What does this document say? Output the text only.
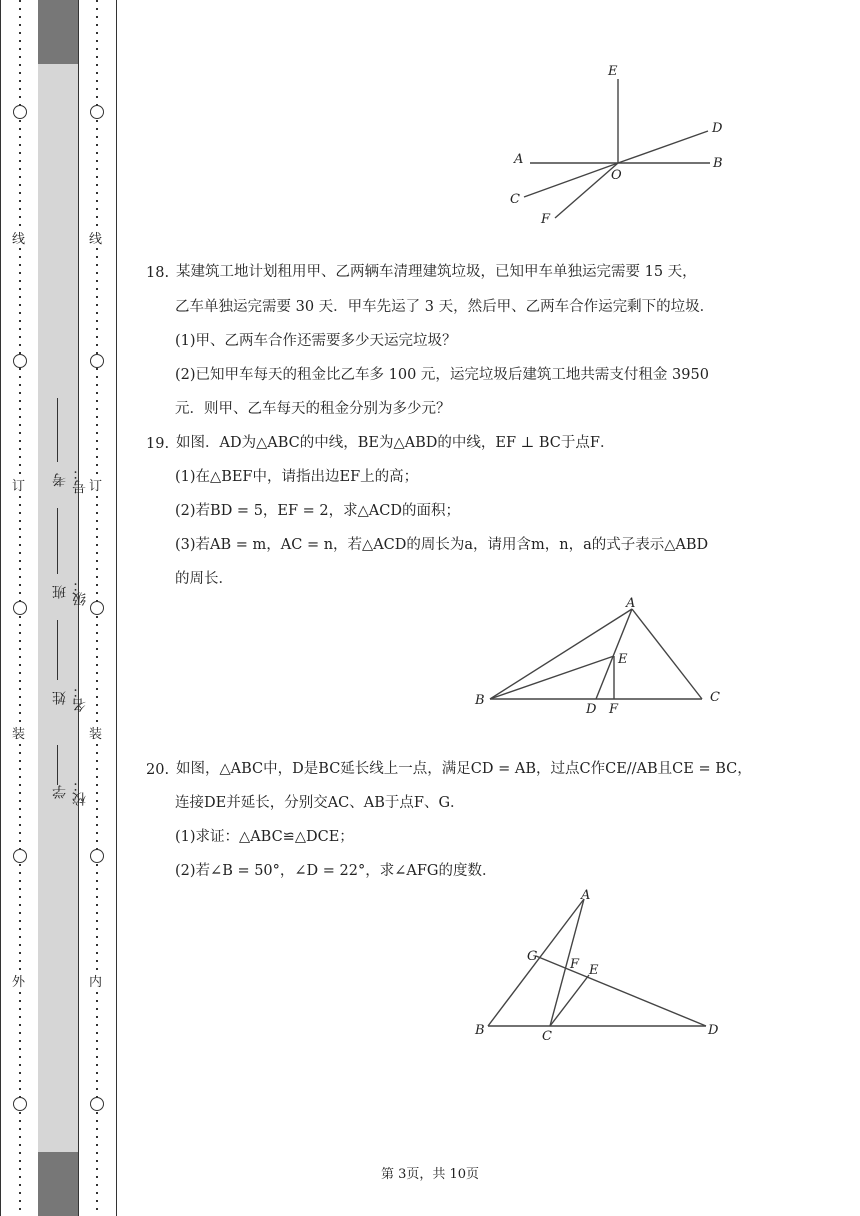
线
订
装
外
学校：
姓名：
班级：
考号：
线
订
装
内
E
D
A	B
O
C
F
18. 某建筑工地计划租用甲、乙两辆车清理建筑垃圾，已知甲车单独运完需要 15 天，
乙车单独运完需要 30 天．甲车先运了 3 天，然后甲、乙两车合作运完剩下的垃圾．
(1)甲、乙两车合作还需要多少天运完垃圾？
(2)已知甲车每天的租金比乙车多 100 元，运完垃圾后建筑工地共需支付租金 3950
元．则甲、乙车每天的租金分别为多少元？
19. 如图．AD为△ABC的中线，BE为△ABD的中线，EF ⊥ BC于点F．
(1)在△BEF中，请指出边EF上的高；
(2)若BD = 5，EF = 2，求△ACD的面积；
(3)若AB = m，AC = n，若△ACD的周长为a，请用含m，n，a的式子表示△ABD
的周长．
A
E
B
D F
C
20. 如图，△ABC中，D是BC延长线上一点，满足CD = AB，过点C作CE//AB且CE = BC，
连接DE并延长，分别交AC、AB于点F、G．
(1)求证：△ABC≌△DCE；
(2)若∠B = 50°，∠D = 22°，求∠AFG的度数．
A
G
F E
B	C	D
第 3页，共 10页
